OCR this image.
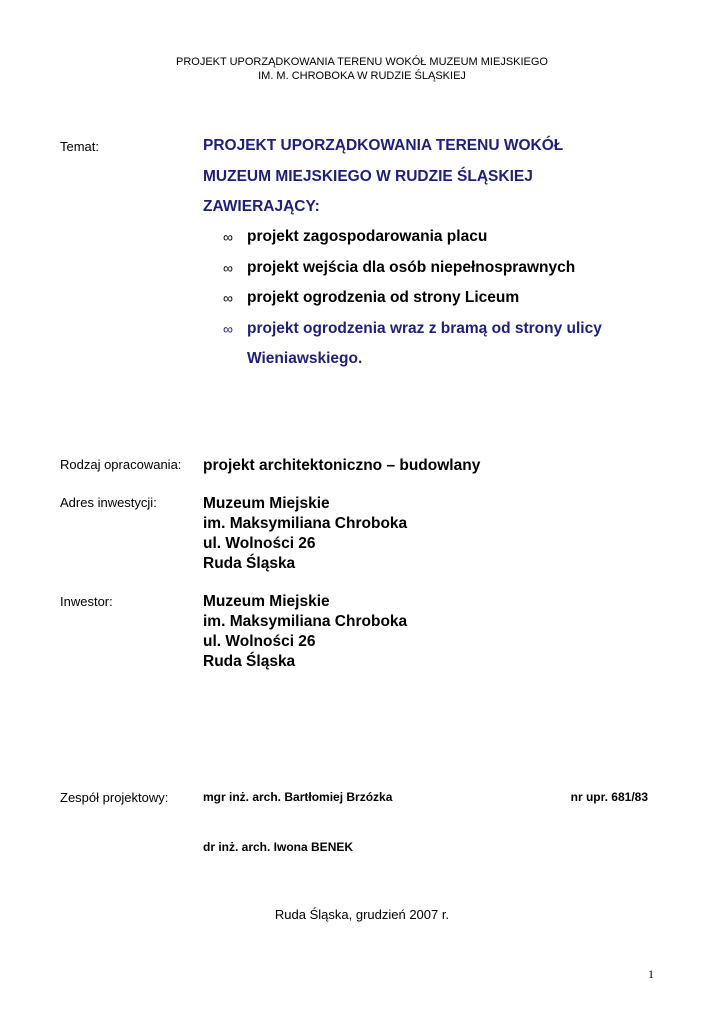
PROJEKT UPORZĄDKOWANIA TERENU WOKÓŁ MUZEUM MIEJSKIEGO
IM. M. CHROBOKA W RUDZIE ŚLĄSKIEJ
Temat:	PROJEKT UPORZĄDKOWANIA TERENU WOKÓŁ
MUZEUM MIEJSKIEGO W RUDZIE ŚLĄSKIEJ
ZAWIERAJĄCY:
∞ projekt zagospodarowania placu
∞ projekt wejścia dla osób niepełnosprawnych
∞ projekt ogrodzenia od strony Liceum
∞ projekt ogrodzenia wraz z bramą od strony ulicy Wieniawskiego.
Rodzaj opracowania: projekt architektoniczno – budowlany
Adres inwestycji:	Muzeum Miejskie
im. Maksymiliana Chroboka
ul. Wolności 26
Ruda Śląska
Inwestor:	Muzeum Miejskie
im. Maksymiliana Chroboka
ul. Wolności 26
Ruda Śląska
Zespół projektowy:	mgr inż. arch. Bartłomiej Brzózka	nr upr. 681/83
dr inż. arch. Iwona BENEK
Ruda Śląska, grudzień 2007 r.
1
